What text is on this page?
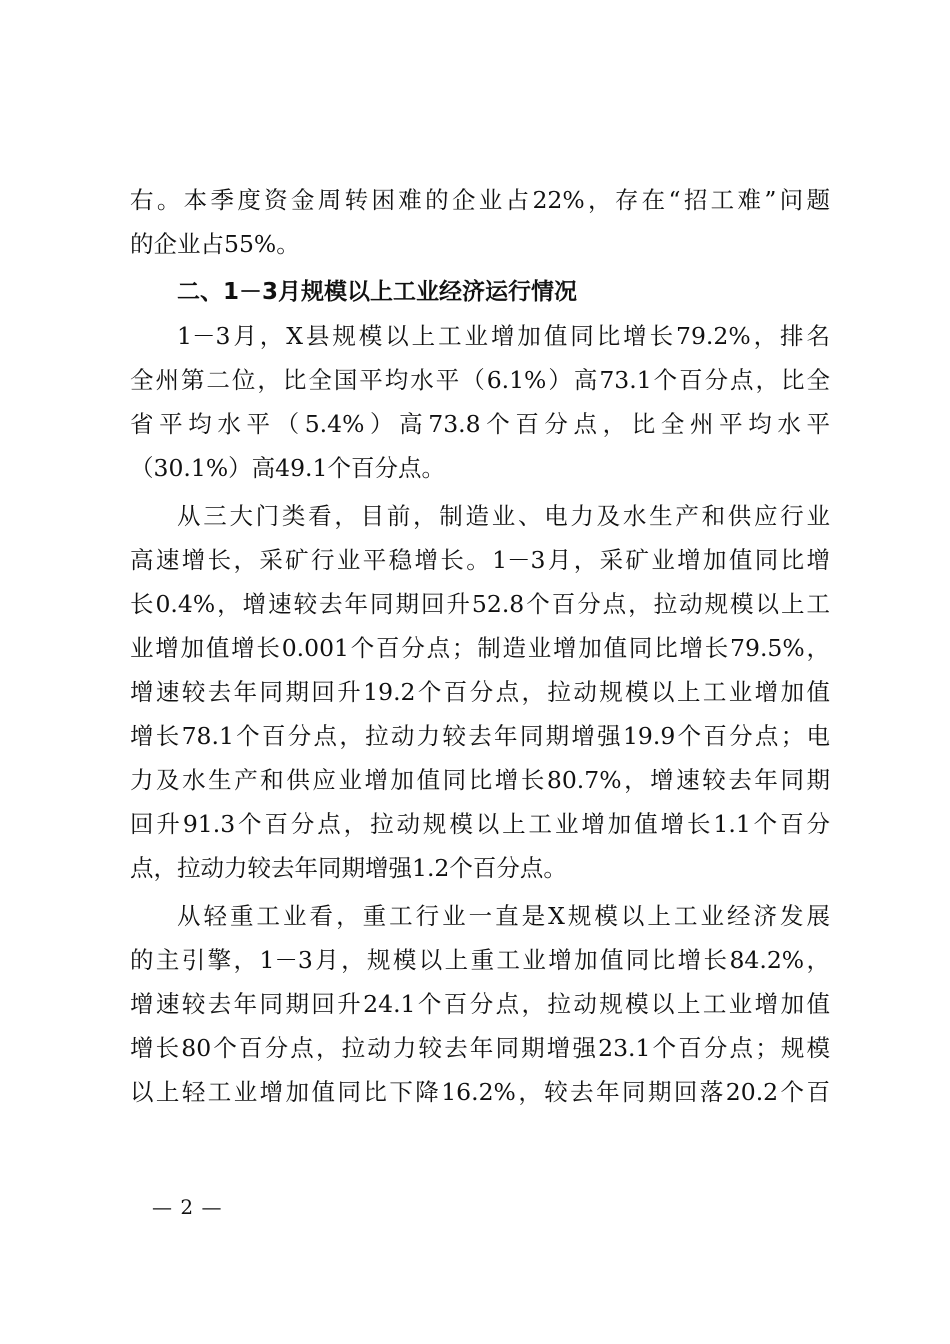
右。本季度资金周转困难的企业占22%，存在“招工难”问题
的企业占55%。
二、1－3月规模以上工业经济运行情况
1－3月，X县规模以上工业增加值同比增长79.2%，排名
全州第二位，比全国平均水平（6.1%）高73.1个百分点，比全
省平均水平（5.4%）高73.8个百分点，比全州平均水平
（30.1%）高49.1个百分点。
从三大门类看，目前，制造业、电力及水生产和供应行业
高速增长，采矿行业平稳增长。1－3月，采矿业增加值同比增
长0.4%，增速较去年同期回升52.8个百分点，拉动规模以上工
业增加值增长0.001个百分点；制造业增加值同比增长79.5%，
增速较去年同期回升19.2个百分点，拉动规模以上工业增加值
增长78.1个百分点，拉动力较去年同期增强19.9个百分点；电
力及水生产和供应业增加值同比增长80.7%，增速较去年同期
回升91.3个百分点，拉动规模以上工业增加值增长1.1个百分
点，拉动力较去年同期增强1.2个百分点。
从轻重工业看，重工行业一直是X规模以上工业经济发展
的主引擎，1－3月，规模以上重工业增加值同比增长84.2%，
增速较去年同期回升24.1个百分点，拉动规模以上工业增加值
增长80个百分点，拉动力较去年同期增强23.1个百分点；规模
以上轻工业增加值同比下降16.2%，较去年同期回落20.2个百
— 2 —
